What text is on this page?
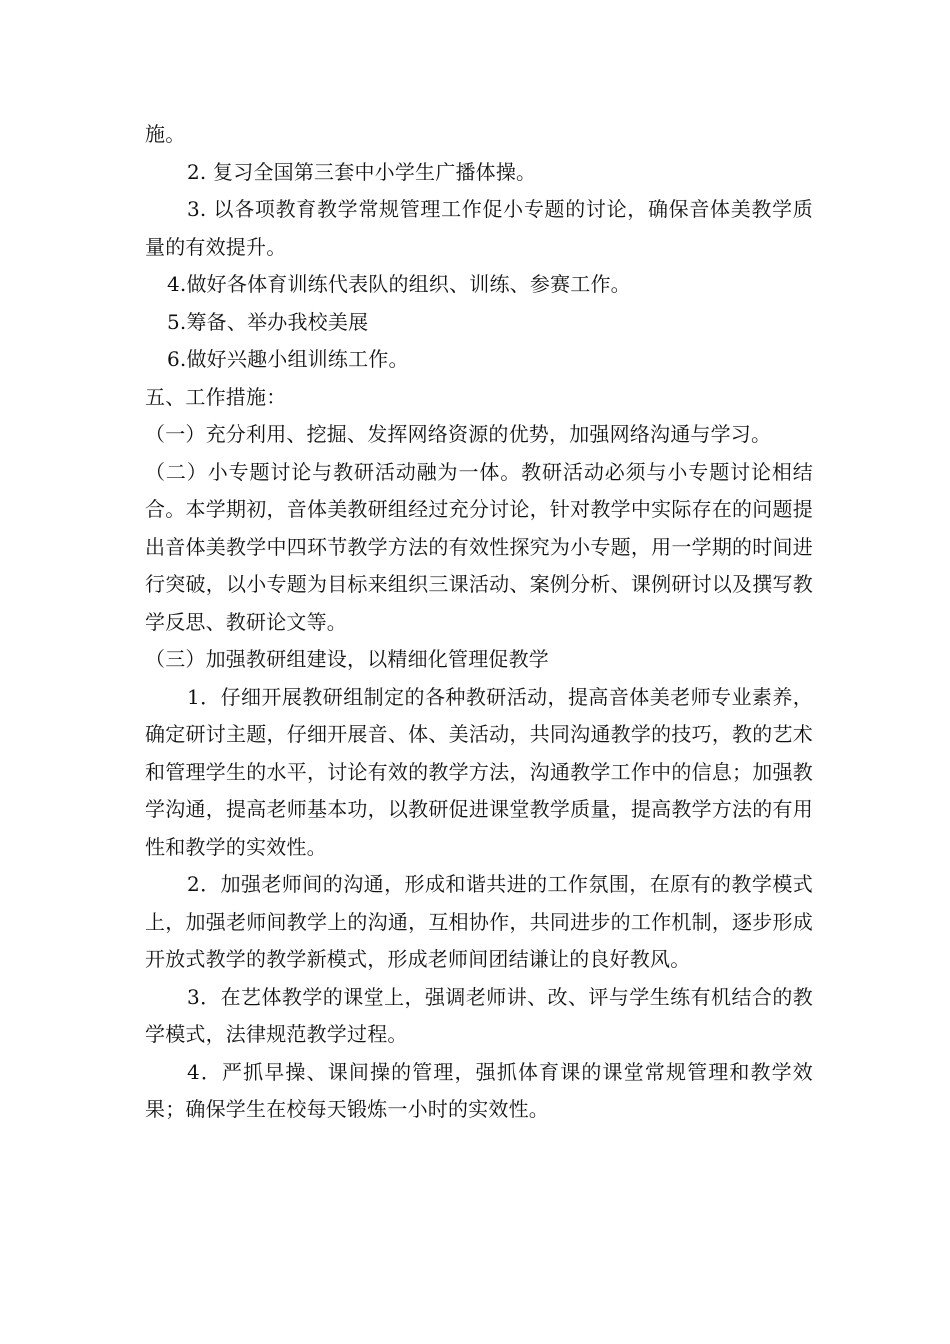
施。

2. 复习全国第三套中小学生广播体操。

3. 以各项教育教学常规管理工作促小专题的讨论，确保音体美教学质量的有效提升。

4.做好各体育训练代表队的组织、训练、参赛工作。

5.筹备、举办我校美展

6.做好兴趣小组训练工作。

五、工作措施：

（一）充分利用、挖掘、发挥网络资源的优势，加强网络沟通与学习。

（二）小专题讨论与教研活动融为一体。教研活动必须与小专题讨论相结合。本学期初，音体美教研组经过充分讨论，针对教学中实际存在的问题提出音体美教学中四环节教学方法的有效性探究为小专题，用一学期的时间进行突破，以小专题为目标来组织三课活动、案例分析、课例研讨以及撰写教学反思、教研论文等。

（三）加强教研组建设，以精细化管理促教学

1．仔细开展教研组制定的各种教研活动，提高音体美老师专业素养，确定研讨主题，仔细开展音、体、美活动，共同沟通教学的技巧，教的艺术和管理学生的水平，讨论有效的教学方法，沟通教学工作中的信息；加强教学沟通，提高老师基本功，以教研促进课堂教学质量，提高教学方法的有用性和教学的实效性。

2．加强老师间的沟通，形成和谐共进的工作氛围，在原有的教学模式上，加强老师间教学上的沟通，互相协作，共同进步的工作机制，逐步形成开放式教学的教学新模式，形成老师间团结谦让的良好教风。

3．在艺体教学的课堂上，强调老师讲、改、评与学生练有机结合的教学模式，法律规范教学过程。

4．严抓早操、课间操的管理，强抓体育课的课堂常规管理和教学效果；确保学生在校每天锻炼一小时的实效性。
